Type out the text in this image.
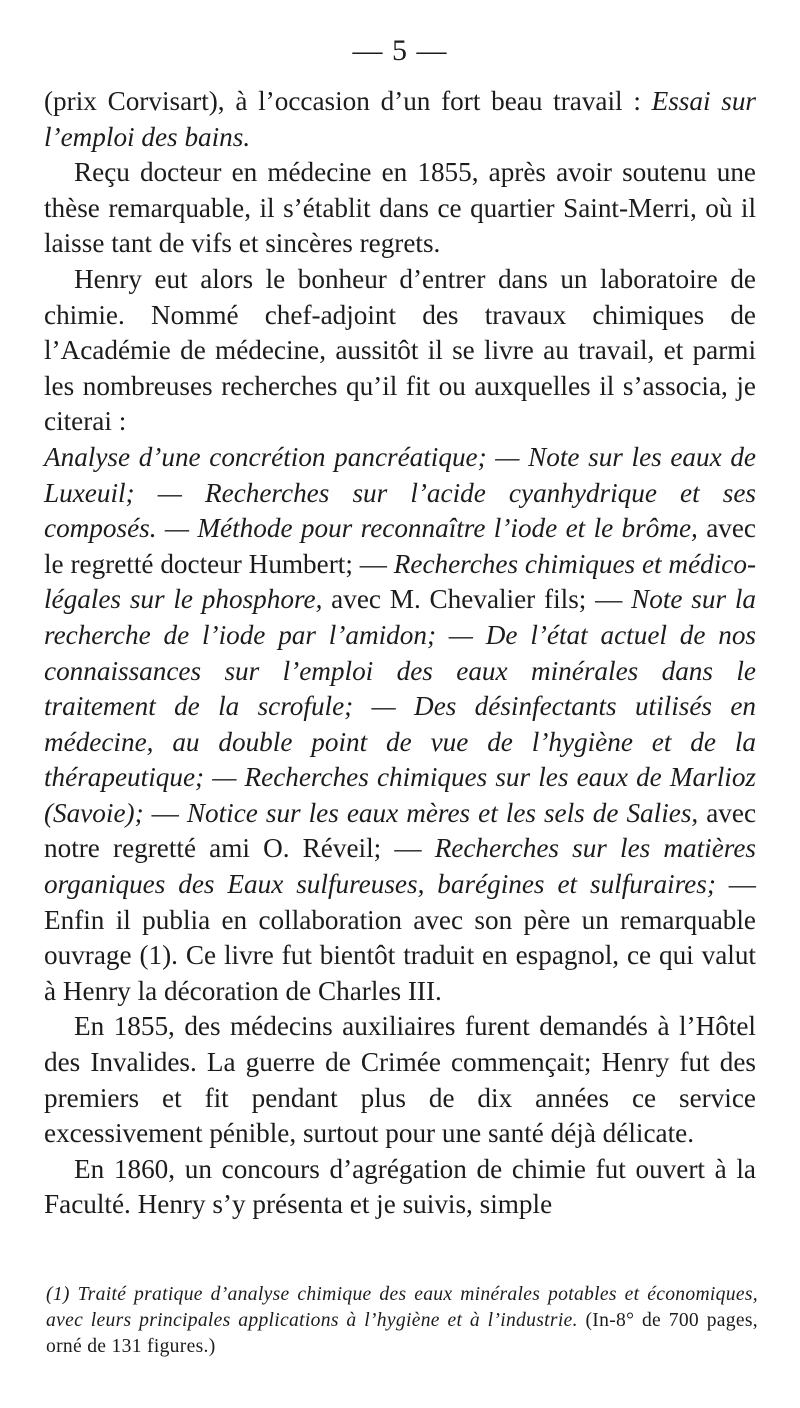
— 5 —

(prix Corvisart), à l’occasion d’un fort beau travail : Essai sur l’emploi des bains.

Reçu docteur en médecine en 1855, après avoir soutenu une thèse remarquable, il s’établit dans ce quartier Saint-Merri, où il laisse tant de vifs et sincères regrets.

Henry eut alors le bonheur d’entrer dans un laboratoire de chimie. Nommé chef-adjoint des travaux chimiques de l’Académie de médecine, aussitôt il se livre au travail, et parmi les nombreuses recherches qu’il fit ou auxquelles il s’associa, je citerai :

Analyse d’une concrétion pancréatique; — Note sur les eaux de Luxeuil; — Recherches sur l’acide cyanhydrique et ses composés. — Méthode pour reconnaître l’iode et le brôme, avec le regretté docteur Humbert; — Recherches chimiques et médico-légales sur le phosphore, avec M. Chevalier fils; — Note sur la recherche de l’iode par l’amidon; — De l’état actuel de nos connaissances sur l’emploi des eaux minérales dans le traitement de la scrofule; — Des désinfectants utilisés en médecine, au double point de vue de l’hygiène et de la thérapeutique; — Recherches chimiques sur les eaux de Marlioz (Savoie); — Notice sur les eaux mères et les sels de Salies, avec notre regretté ami O. Réveil; — Recherches sur les matières organiques des Eaux sulfureuses, barégines et sulfuraires; — Enfin il publia en collaboration avec son père un remarquable ouvrage (1). Ce livre fut bientôt traduit en espagnol, ce qui valut à Henry la décoration de Charles III.

En 1855, des médecins auxiliaires furent demandés à l’Hôtel des Invalides. La guerre de Crimée commençait; Henry fut des premiers et fit pendant plus de dix années ce service excessivement pénible, surtout pour une santé déjà délicate.

En 1860, un concours d’agrégation de chimie fut ouvert à la Faculté. Henry s’y présenta et je suivis, simple

(1) Traité pratique d’analyse chimique des eaux minérales potables et économiques, avec leurs principales applications à l’hygiène et à l’industrie. (In-8° de 700 pages, orné de 131 figures.)
